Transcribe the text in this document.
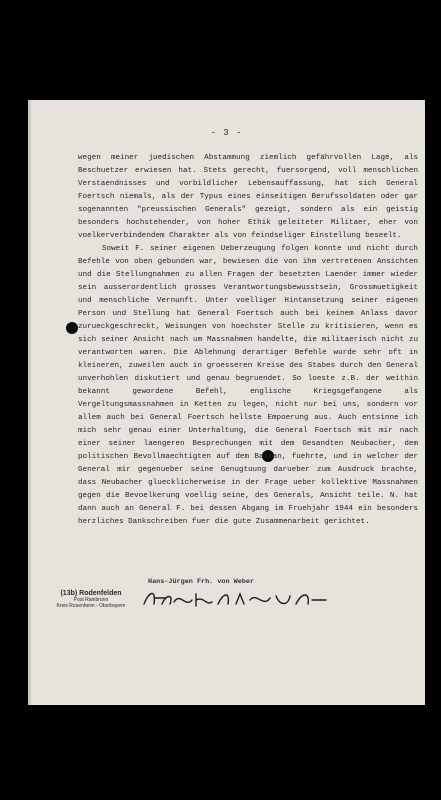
- 3 -

wegen meiner juedischen Abstammung ziemlich gefährvollen Lage, als Beschuetzer erwiesen hat. Stets gerecht, fuersorgend, voll menschlichen Verstaendnisses und vorbildlicher Lebensauffassung, hat sich General Foertsch niemals, als der Typus eines einseitigen Berufssoldaten oder gar sogenannten "preussischen Generals" gezeigt, sondern als ein geistig besonders hochstehender, von hoher Ethik geleiteter Militaer, eher von voelkerverbindendem Charakter als von feindseliger Einstellung beseelt.

Soweit F. seiner eigenen Ueberzeugung folgen konnte und nicht durch Befehle von oben gebunden war, bewiesen die von ihm vertretenen Ansichten und die Stellungnahmen zu allen Fragen der besetzten Laender immer wieder sein ausserordentlich grosses Verantwortungsbewusstsein, Grossmuetigkeit und menschliche Vernunft. Unter voelliger Hintansetzung seiner eigenen Person und Stellung hat General Foertsch auch bei keinem Anlass davor zurueckgeschreckt, Weisungen von hoechster Stelle zu kritisieren, wenn es sich seiner Ansicht nach um Massnahmen handelte, die militaerisch nicht zu verantworten waren. Die Ablehnung derartiger Befehle wurde sehr oft in kleineren, zuweilen auch in groesseren Kreise des Stabes durch den General unverhohlen diskutiert und genau begruendet. So loeste z.B. der weithin bekannt gewordene Befehl, englische Kriegsgefangene als Vergeltungsmassnahmen in Ketten zu legen, nicht nur bei uns, sondern vor allem auch bei General Foertsch hellste Empoerung aus. Auch entsinne ich mich sehr genau einer Unterhaltung, die General Foertsch mit mir nach einer seiner laengeren Besprechungen mit dem Gesandten Neubacher, dem politischen Bevollmaechtigten auf dem Balkan, fuehrte, und in welcher der General mir gegenueber seine Genugtuung darueber zum Ausdruck brachte, dass Neubacher gluecklicherweise in der Frage ueber kollektive Massnahmen gegen die Bevoelkerung voellig seine, des Generals, Ansicht teile. N. hat dann auch an General F. bei dessen Abgang im Fruehjahr 1944 ein besonders herzliches Dankschreiben fuer die gute Zusammenarbeit gerichtet.

Hans-Jürgen Frh. von Weber
(13b) Rodenfelden
Post Rainbrunn
Kreis Rosenheim - Oberbayern
